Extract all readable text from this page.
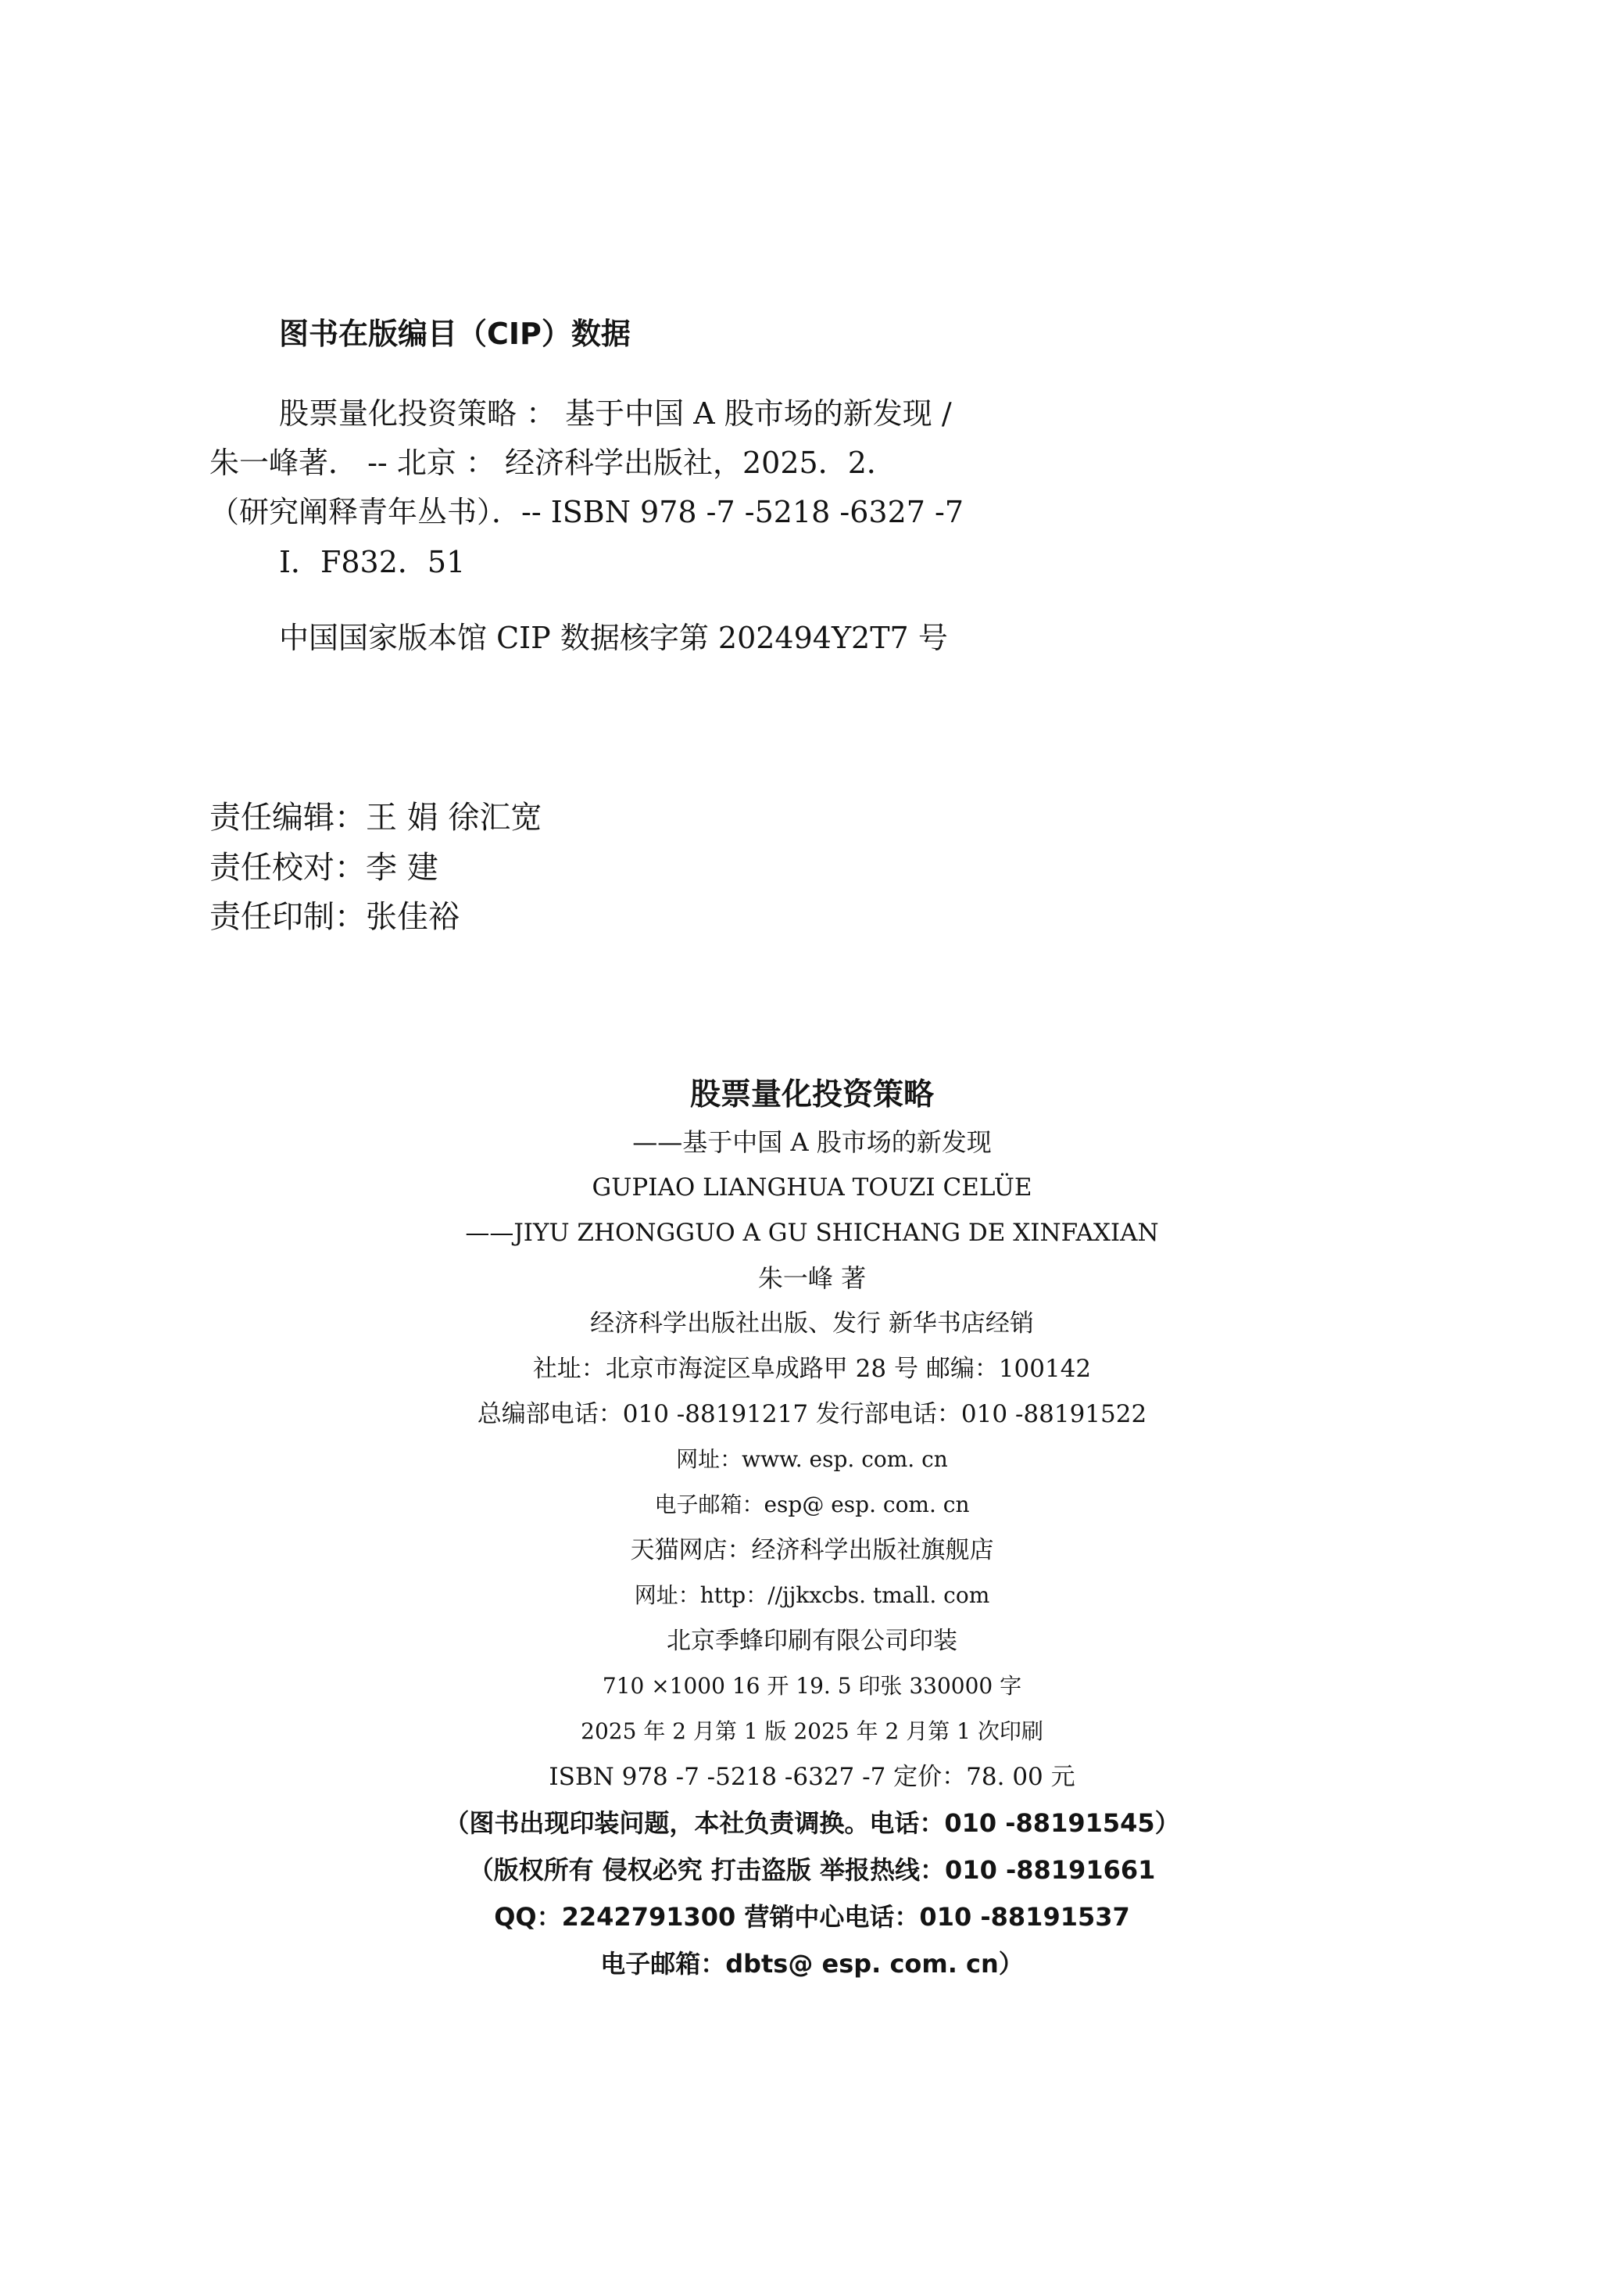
图书在版编目（CIP）数据
股票量化投资策略 ： 基于中国 A 股市场的新发现 ∕
朱一峰著． -- 北京 ： 经济科学出版社，2025．2．
（研究阐释青年丛书）．-- ISBN 978 -7 -5218 -6327 -7
Ⅰ．F832．51
中国国家版本馆 CIP 数据核字第 202494Y2T7 号
责任编辑：王 娟 徐汇宽
责任校对：李 建
责任印制：张佳裕
股票量化投资策略
——基于中国 A 股市场的新发现
GUPIAO LIANGHUA TOUZI CELÜE
——JIYU ZHONGGUO A GU SHICHANG DE XINFAXIAN
朱一峰 著
经济科学出版社出版、发行 新华书店经销
社址：北京市海淀区阜成路甲 28 号 邮编：100142
总编部电话：010 -88191217 发行部电话：010 -88191522
网址：www. esp. com. cn
电子邮箱：esp@ esp. com. cn
天猫网店：经济科学出版社旗舰店
网址：http：//jjkxcbs. tmall. com
北京季蜂印刷有限公司印装
710 ×1000 16 开 19. 5 印张 330000 字
2025 年 2 月第 1 版 2025 年 2 月第 1 次印刷
ISBN 978 -7 -5218 -6327 -7 定价：78. 00 元
（图书出现印装问题，本社负责调换。电话：010 -88191545）
（版权所有 侵权必究 打击盗版 举报热线：010 -88191661
QQ：2242791300 营销中心电话：010 -88191537
电子邮箱：dbts@ esp. com. cn）
